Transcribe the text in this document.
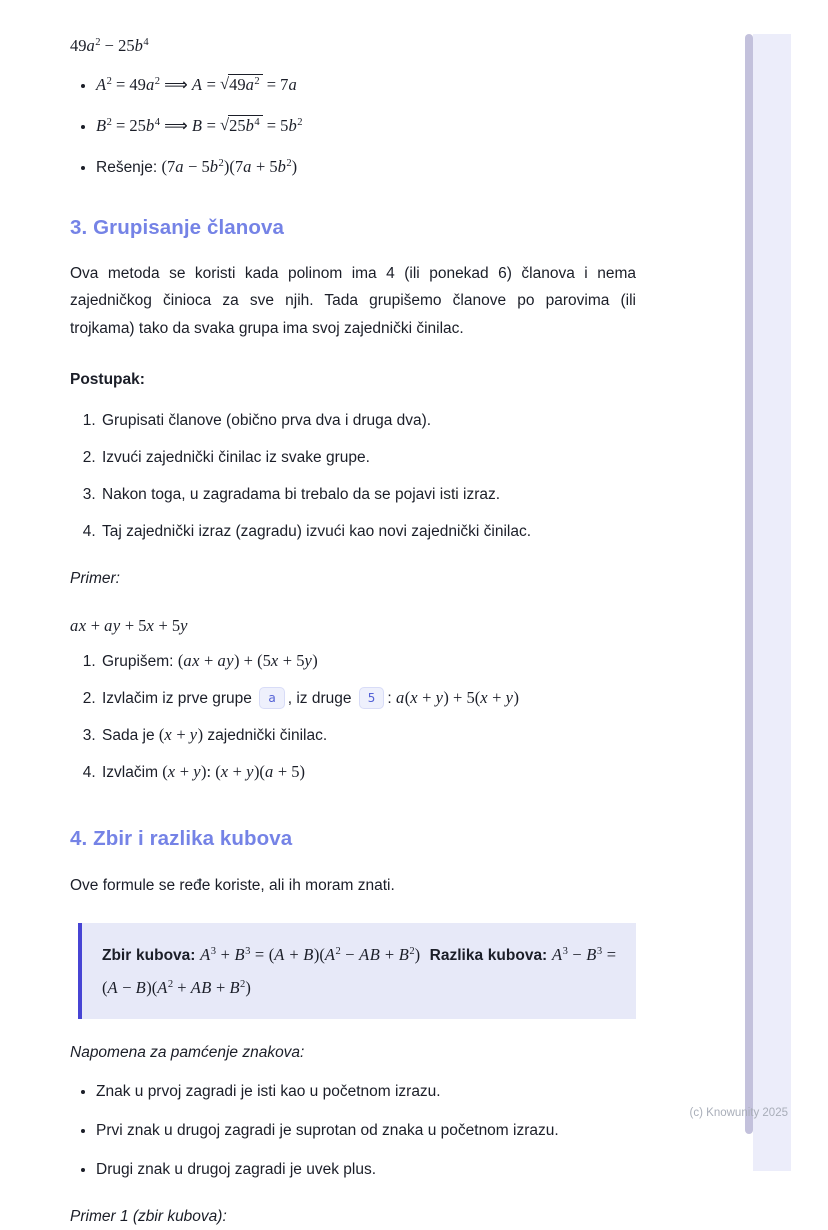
$49a^2 - 25b^4$
• $A^2 = 49a^2$ ⟹ $A = √49a^2 = 7a$
• $B^2 = 25b^4$ ⟹ $B = √25b^4 = 5b^2$
• Rešenje: $(7a - 5b^2)(7a + 5b^2)$
3. Grupisanje članova

Ova metoda se koristi kada polinom ima 4 (ili ponekad 6) članova i nema zajedničkog činioca za sve njih. Tada grupišemo članove po parovima (ili trojkama) tako da svaka grupa ima svoj zajednički činilac.

Postupak:

1. Grupisati članove (obično prva dva i druga dva).
2. Izvući zajednički činilac iz svake grupe.
3. Nakon toga, u zagradama bi trebalo da se pojavi isti izraz.
4. Taj zajednički izraz (zagradu) izvući kao novi zajednički činilac.

Primer:

ax + ay + 5x + 5y
1. Grupišem: (ax + ay) + (5x + 5y)
2. Izvlačim iz prve grupe a , iz druge 5 : a(x + y) + 5(x + y)
3. Sada je (x + y) zajednički činilac.
4. Izvlačim (x + y): (x + y)(a + 5)
4. Zbir i razlika kubova

Ove formule se ređe koriste, ali ih moram znati.

Zbir kubova: $A^3 + B^3 = (A + B)(A^2$ − AB + $B^2$) Razlika kubova: $A^3 - B^3 = (A - B)(A^2$ + AB + $B^2$)

Napomena za pamćenje znakova:

• Znak u prvoj zagradi je isti kao u početnom izrazu.
• Prvi znak u drugoj zagradi je suprotan od znaka u početnom izrazu.
• Drugi znak u drugoj zagradi je uvek plus.

Primer 1 (zbir kubova):

(c) Knowunity 2025
